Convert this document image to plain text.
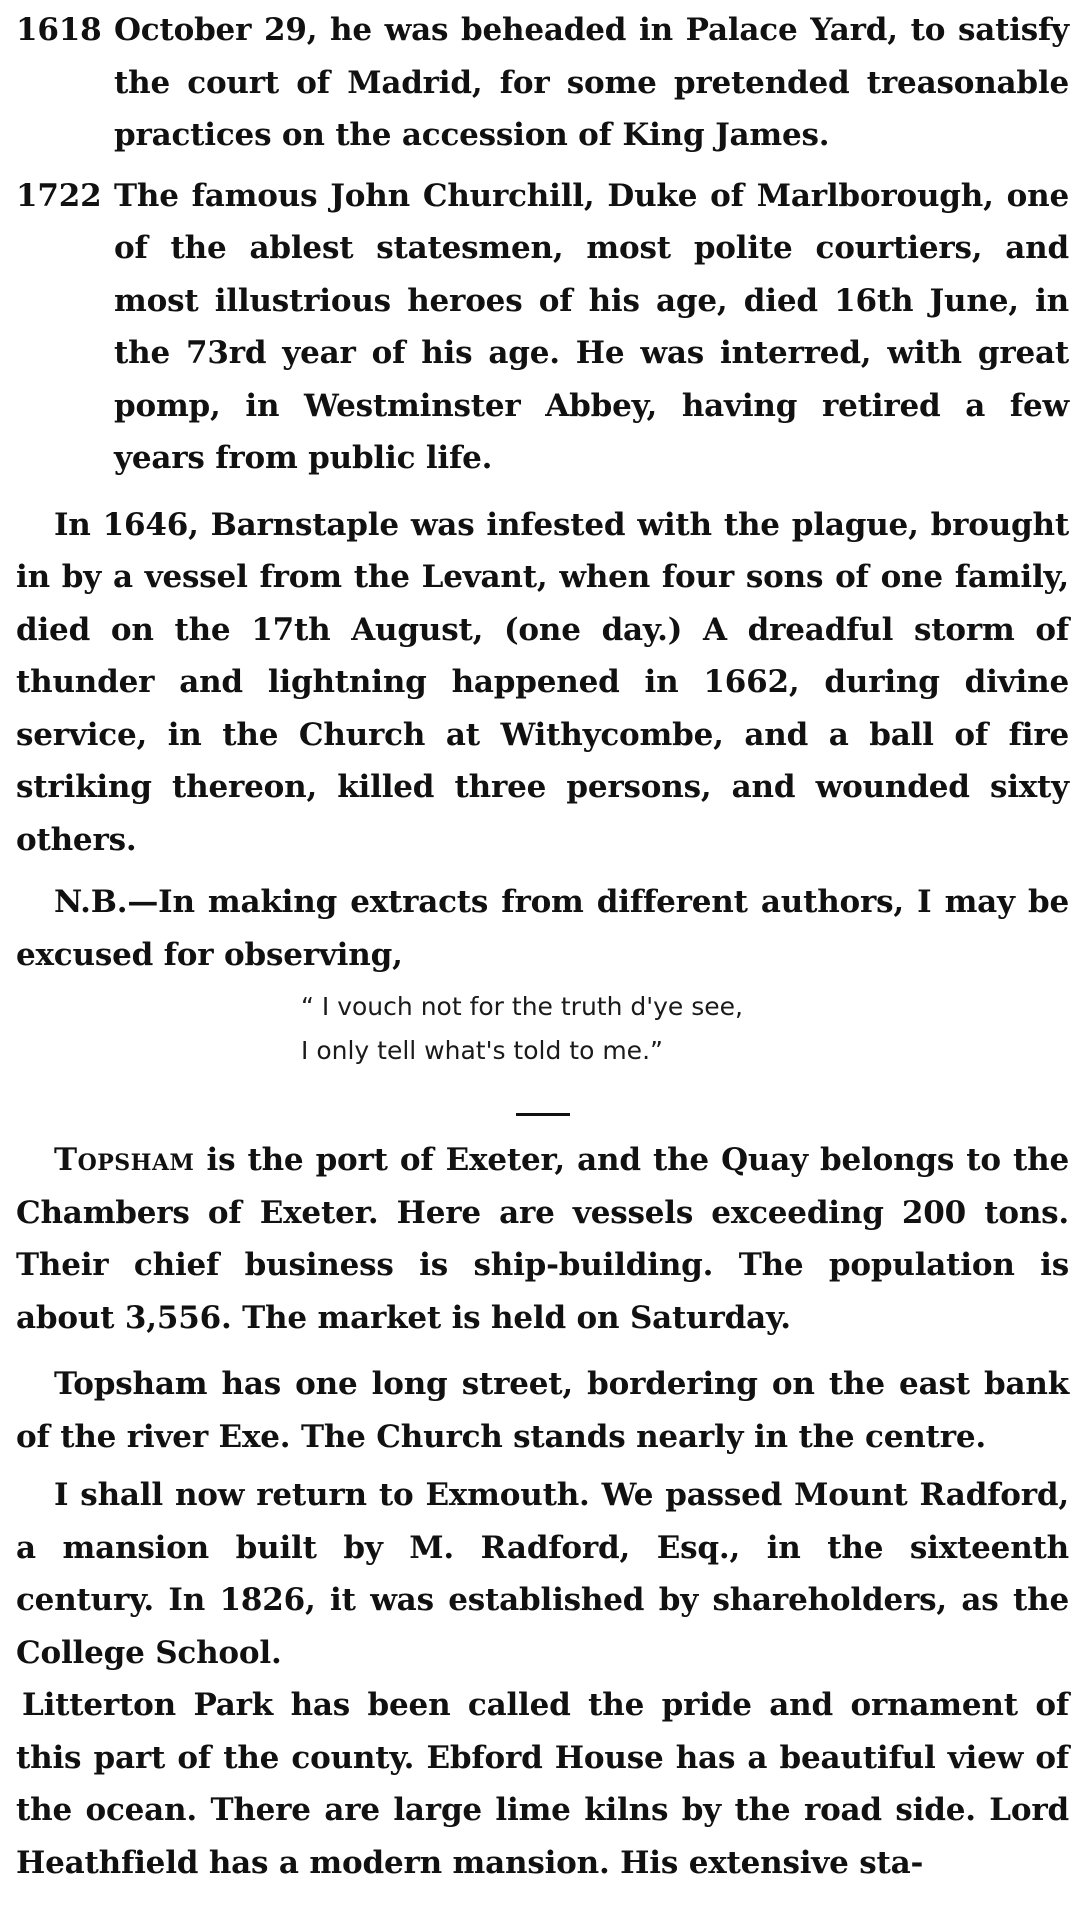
1618 October 29, he was beheaded in Palace Yard, to satisfy the court of Madrid, for some pretended treasonable practices on the accession of King James.
1722 The famous John Churchill, Duke of Marlborough, one of the ablest statesmen, most polite courtiers, and most illustrious heroes of his age, died 16th June, in the 73rd year of his age. He was interred, with great pomp, in Westminster Abbey, having retired a few years from public life.

In 1646, Barnstaple was infested with the plague, brought in by a vessel from the Levant, when four sons of one family, died on the 17th August, (one day.) A dreadful storm of thunder and lightning happened in 1662, during divine service, in the Church at Withycombe, and a ball of fire striking thereon, killed three persons, and wounded sixty others.

N.B.—In making extracts from different authors, I may be excused for observing,

“ I vouch not for the truth d'ye see,
I only tell what's told to me.”

Topsham is the port of Exeter, and the Quay belongs to the Chambers of Exeter. Here are vessels exceeding 200 tons. Their chief business is ship-building. The population is about 3,556. The market is held on Saturday.

Topsham has one long street, bordering on the east bank of the river Exe. The Church stands nearly in the centre.

I shall now return to Exmouth. We passed Mount Radford, a mansion built by M. Radford, Esq., in the sixteenth century. In 1826, it was established by shareholders, as the College School.

Litterton Park has been called the pride and ornament of this part of the county. Ebford House has a beautiful view of the ocean. There are large lime kilns by the road side. Lord Heathfield has a modern mansion. His extensive sta-
